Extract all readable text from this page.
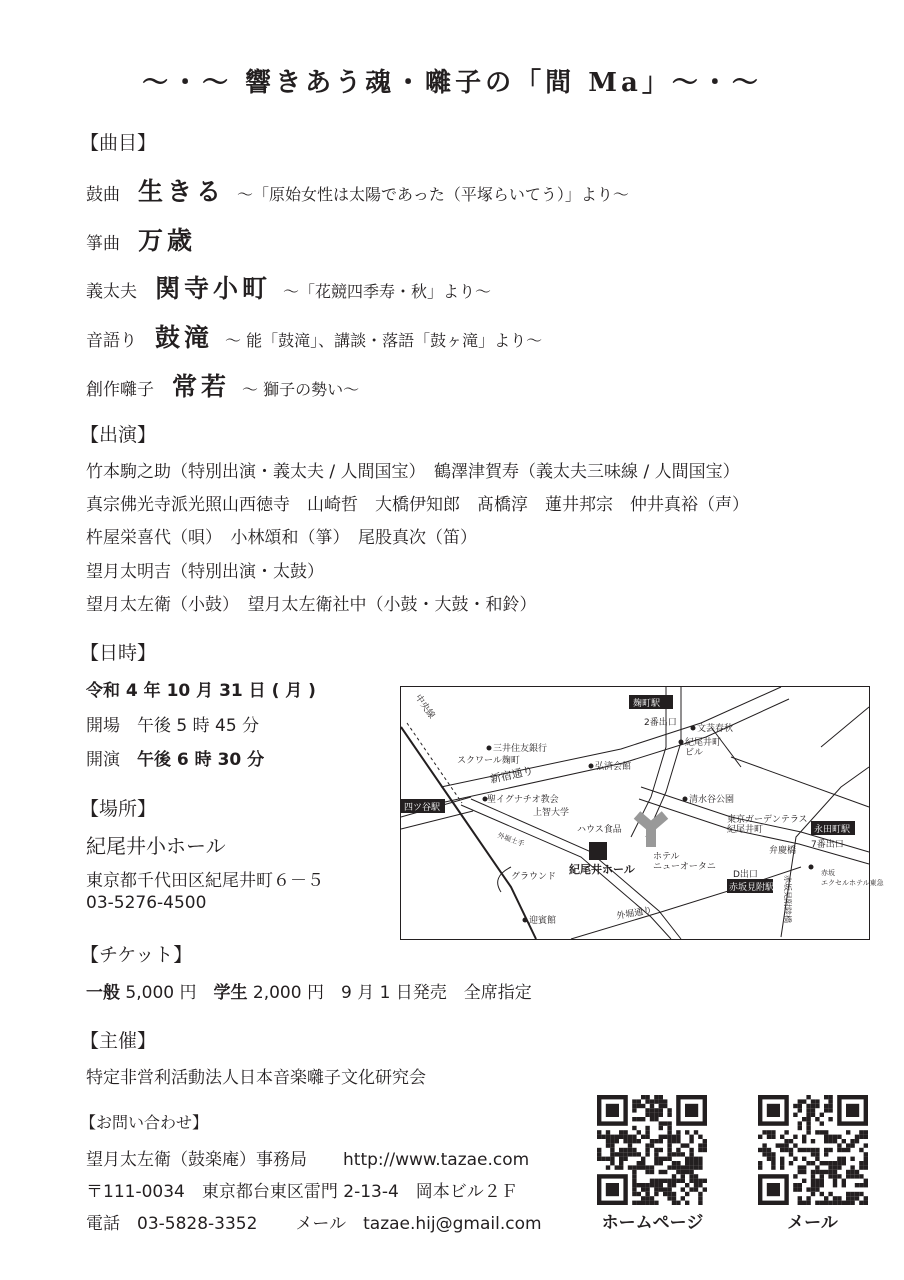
〜・〜 響きあう魂・囃子の「間 Ma」〜・〜
【曲目】
鼓曲 生きる 〜「原始女性は太陽であった（平塚らいてう）」より〜
箏曲 万歳
義太夫 関寺小町 〜「花競四季寿・秋」より〜
音語り 鼓滝 〜 能「鼓滝」、講談・落語「鼓ヶ滝」より〜
創作囃子 常若 〜 獅子の勢い〜
【出演】
竹本駒之助（特別出演・義太夫 / 人間国宝）　鶴澤津賀寿（義太夫三味線 / 人間国宝）
真宗佛光寺派光照山西徳寺　山崎哲　大橋伊知郎　髙橋淳　蓮井邦宗　仲井真裕（声）
杵屋栄喜代（唄）　小林頌和（箏）　尾股真次（笛）
望月太明吉（特別出演・太鼓）
望月太左衛（小鼓）　望月太左衛社中（小鼓・大鼓・和鈴）
【日時】
令和 4 年 10 月 31 日 ( 月 )
開場　 午後 5 時 45 分
開演　 午後 6 時 30 分
【場所】
紀尾井小ホール
東京都千代田区紀尾井町６－５
03-5276-4500
【チケット】
一般 5,000 円　 学生 2,000 円　 9 月 1 日発売　全席指定
【主催】
特定非営利活動法人日本音楽囃子文化研究会
【お問い合わせ】
望月太左衛（鼓楽庵）事務局 http://www.tazae.com
〒111-0034　東京都台東区雷門 2-13-4　岡本ビル２Ｆ
電話　 03-5828-3352 メール　 tazae.hij@gmail.com	ホームページ	メール
麹町駅
2番出口
文芸春秋
紀尾井町
ビル
三井住友銀行
スクワール麹町
弘済会館
新宿通り
中央線
四ツ谷駅
聖イグナチオ教会
上智大学
ハウス食品
外堀土手
グラウンド
紀尾井ホール
ホテル
ニューオータニ
清水谷公園
東京ガーデンテラス
紀尾井町	永田町駅
7番出口
弁慶橋
D出口
赤坂見附駅
赤坂
エクセルホテル東急
迎賓館	外堀通り	赤坂見附陸橋
